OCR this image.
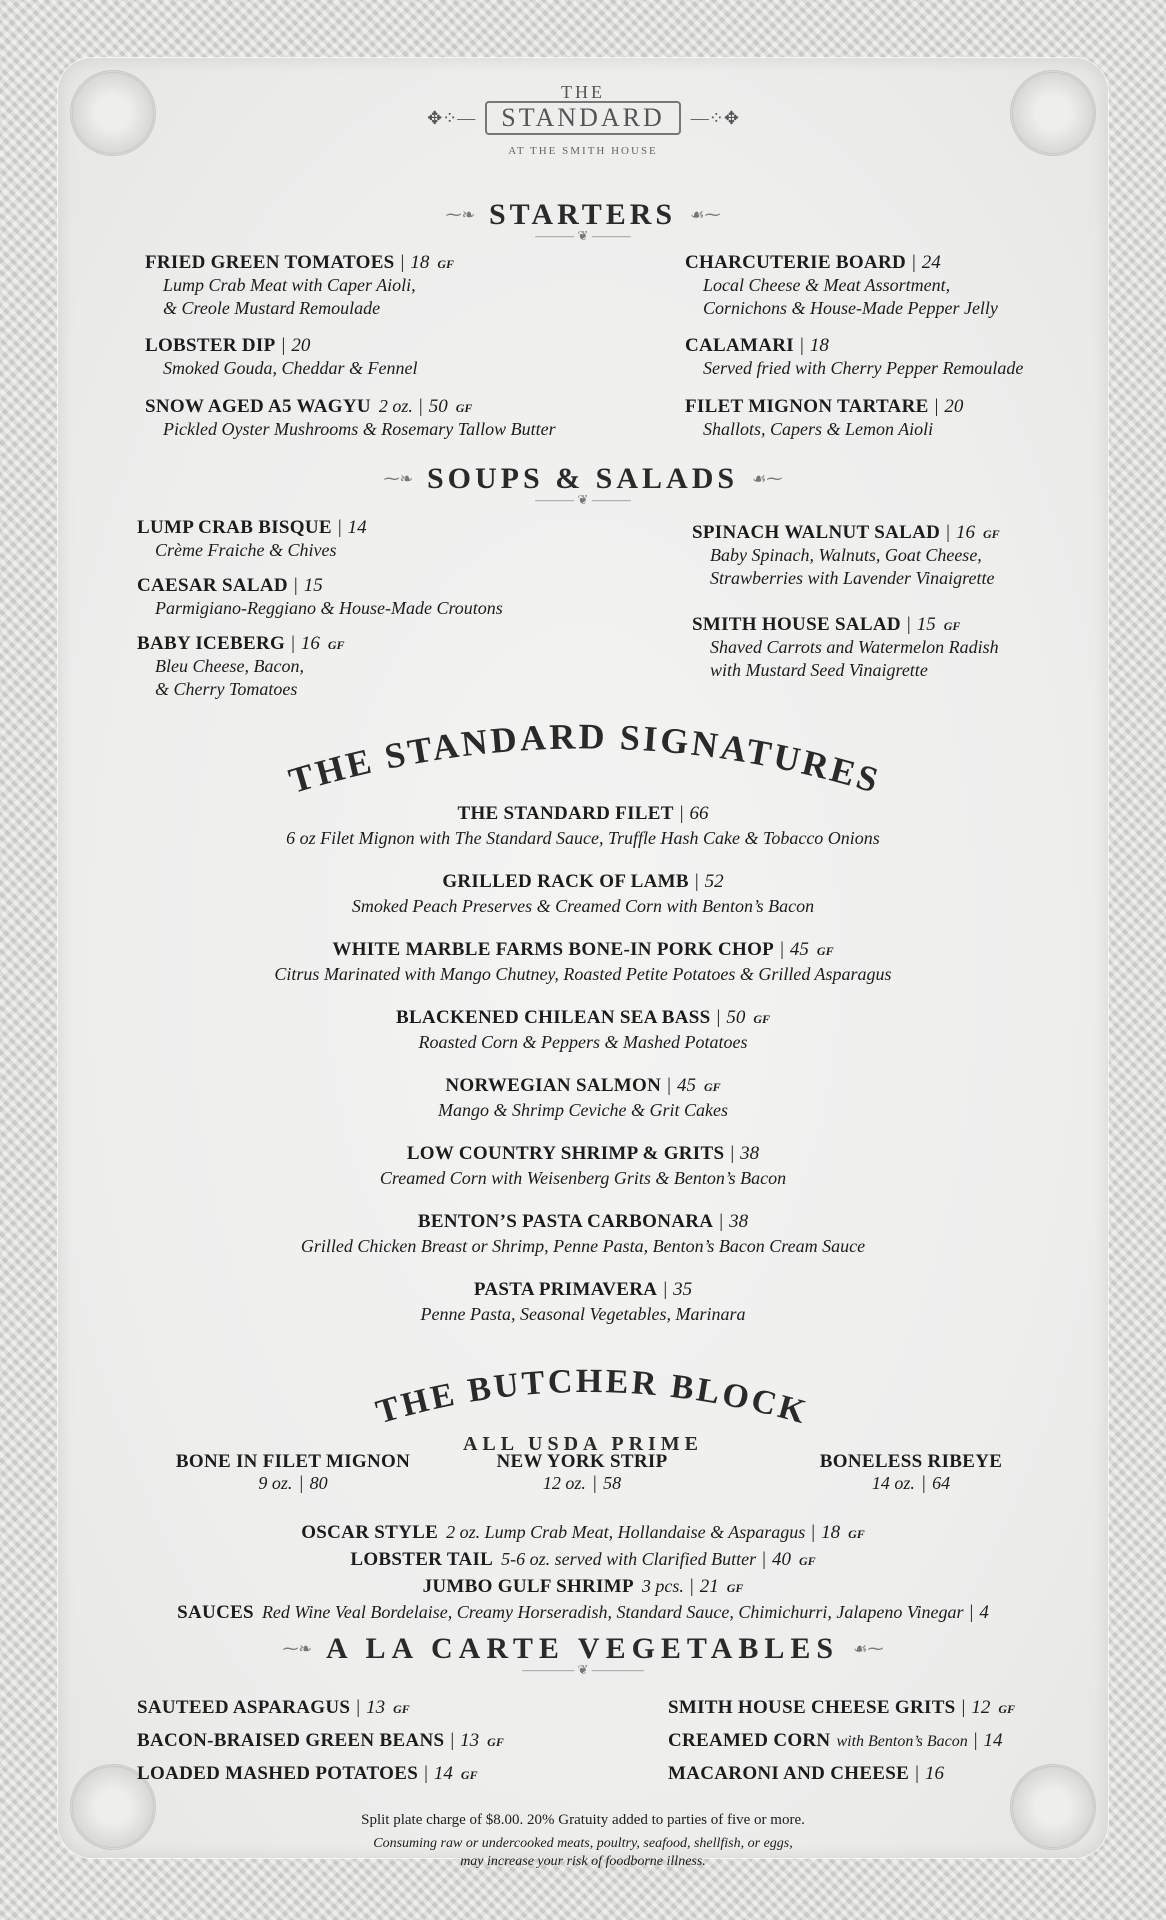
THE
✥⁘—	STANDARD	—⁘✥
AT THE SMITH HOUSE
⁓❧ STARTERS ☙⁓
——— ❦ ———
FRIED GREEN TOMATOES | 18 GF
Lump Crab Meat with Caper Aioli,
& Creole Mustard Remoulade
LOBSTER DIP | 20
Smoked Gouda, Cheddar & Fennel
SNOW AGED A5 WAGYU 2 oz. | 50 GF
Pickled Oyster Mushrooms & Rosemary Tallow Butter
CHARCUTERIE BOARD | 24
Local Cheese & Meat Assortment,
Cornichons & House-Made Pepper Jelly
CALAMARI | 18
Served fried with Cherry Pepper Remoulade
FILET MIGNON TARTARE | 20
Shallots, Capers & Lemon Aioli
⁓❧ SOUPS & SALADS ☙⁓
——— ❦ ———
LUMP CRAB BISQUE | 14
Crème Fraiche & Chives
CAESAR SALAD | 15
Parmigiano-Reggiano & House-Made Croutons
BABY ICEBERG | 16 GF
Bleu Cheese, Bacon,
& Cherry Tomatoes
SPINACH WALNUT SALAD | 16 GF
Baby Spinach, Walnuts, Goat Cheese,
Strawberries with Lavender Vinaigrette
SMITH HOUSE SALAD | 15 GF
Shaved Carrots and Watermelon Radish
with Mustard Seed Vinaigrette
THE STANDARD SIGNATURES
THE STANDARD FILET | 66
6 oz Filet Mignon with The Standard Sauce, Truffle Hash Cake & Tobacco Onions
GRILLED RACK OF LAMB | 52
Smoked Peach Preserves & Creamed Corn with Benton’s Bacon
WHITE MARBLE FARMS BONE-IN PORK CHOP | 45 GF
Citrus Marinated with Mango Chutney, Roasted Petite Potatoes & Grilled Asparagus
BLACKENED CHILEAN SEA BASS | 50 GF
Roasted Corn & Peppers & Mashed Potatoes
NORWEGIAN SALMON | 45 GF
Mango & Shrimp Ceviche & Grit Cakes
LOW COUNTRY SHRIMP & GRITS | 38
Creamed Corn with Weisenberg Grits & Benton’s Bacon
BENTON’S PASTA CARBONARA | 38
Grilled Chicken Breast or Shrimp, Penne Pasta, Benton’s Bacon Cream Sauce
PASTA PRIMAVERA | 35
Penne Pasta, Seasonal Vegetables, Marinara
THE BUTCHER BLOCK
ALL USDA PRIME
BONE IN FILET MIGNON
9 oz. | 80
NEW YORK STRIP
12 oz. | 58
BONELESS RIBEYE
14 oz. | 64
OSCAR STYLE 2 oz. Lump Crab Meat, Hollandaise & Asparagus | 18 GF
LOBSTER TAIL 5-6 oz. served with Clarified Butter | 40 GF
JUMBO GULF SHRIMP 3 pcs. | 21 GF
SAUCES Red Wine Veal Bordelaise, Creamy Horseradish, Standard Sauce, Chimichurri, Jalapeno Vinegar | 4
⁓❧ A LA CARTE VEGETABLES ☙⁓
———— ❦ ————
SAUTEED ASPARAGUS | 13 GF
BACON-BRAISED GREEN BEANS | 13 GF
LOADED MASHED POTATOES | 14 GF
SMITH HOUSE CHEESE GRITS | 12 GF
CREAMED CORN with Benton’s Bacon | 14
MACARONI AND CHEESE | 16
Split plate charge of $8.00. 20% Gratuity added to parties of five or more.
Consuming raw or undercooked meats, poultry, seafood, shellfish, or eggs,
may increase your risk of foodborne illness.
